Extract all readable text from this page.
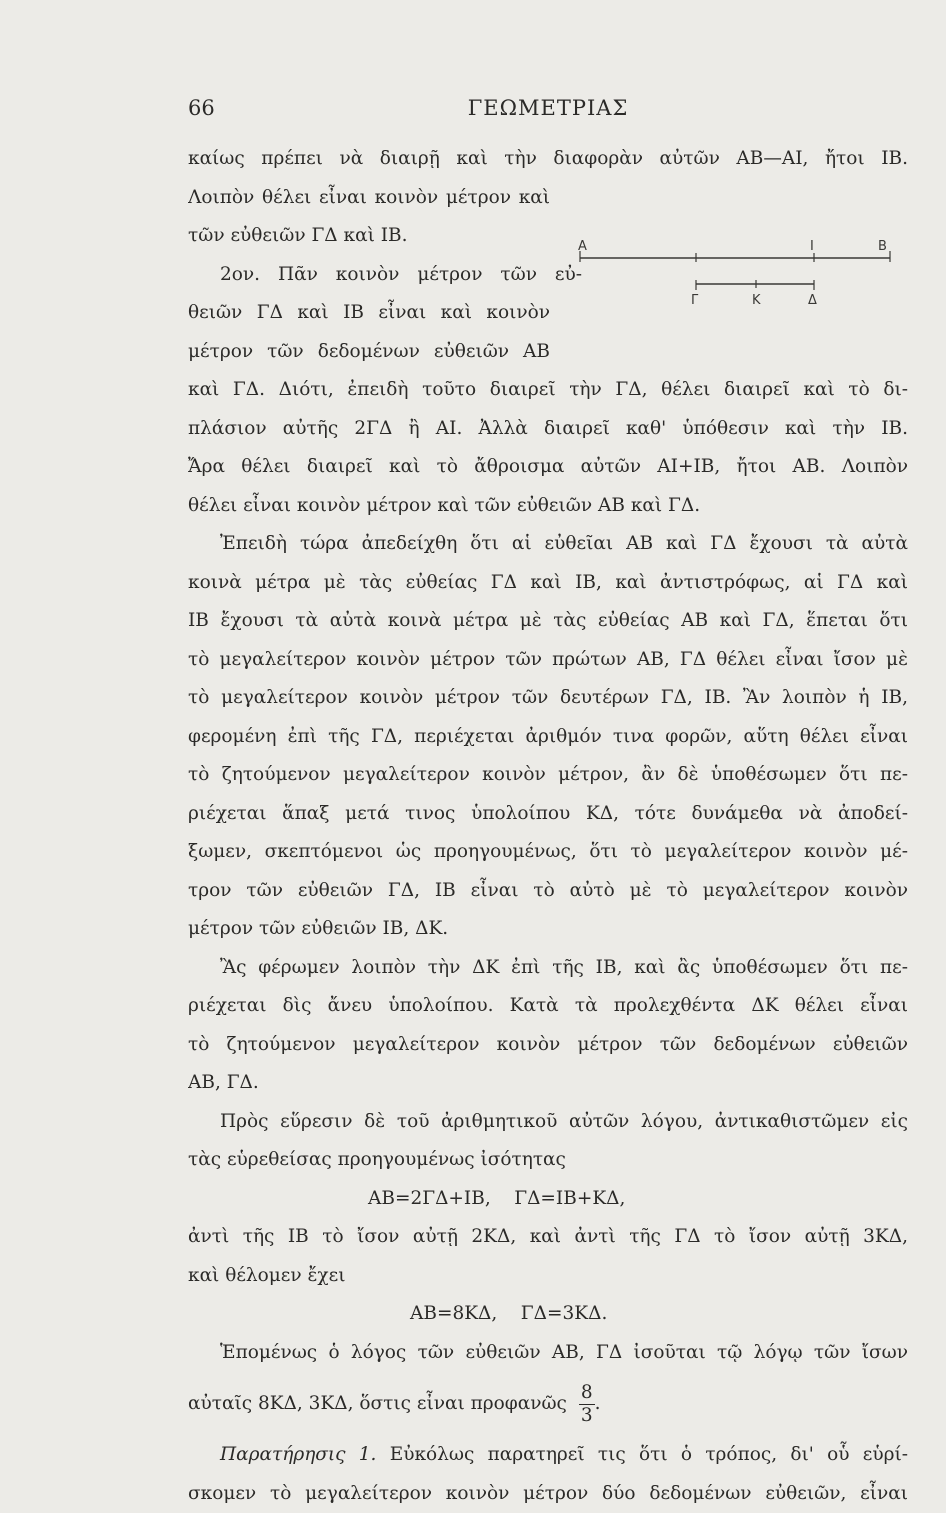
66	ΓΕΩΜΕΤΡΙΑΣ
Α	Ι	Β
Γ	Κ	Δ
καίως πρέπει νὰ διαιρῇ καὶ τὴν διαφορὰν αὐτῶν ΑΒ—ΑΙ, ἤτοι ΙΒ.
Λοιπὸν θέλει εἶναι κοινὸν μέτρον καὶ
τῶν εὐθειῶν ΓΔ καὶ ΙΒ.
2ον. Πᾶν κοινὸν μέτρον τῶν εὐ-
θειῶν ΓΔ καὶ ΙΒ εἶναι καὶ κοινὸν
μέτρον τῶν δεδομένων εὐθειῶν ΑΒ
καὶ ΓΔ. Διότι, ἐπειδὴ τοῦτο διαιρεῖ τὴν ΓΔ, θέλει διαιρεῖ καὶ τὸ δι-
πλάσιον αὐτῆς 2ΓΔ ἢ ΑΙ. Ἀλλὰ διαιρεῖ καθ' ὑπόθεσιν καὶ τὴν ΙΒ.
Ἄρα θέλει διαιρεῖ καὶ τὸ ἄθροισμα αὐτῶν ΑΙ+ΙΒ, ἤτοι ΑΒ. Λοιπὸν
θέλει εἶναι κοινὸν μέτρον καὶ τῶν εὐθειῶν ΑΒ καὶ ΓΔ.
Ἐπειδὴ τώρα ἀπεδείχθη ὅτι αἱ εὐθεῖαι ΑΒ καὶ ΓΔ ἔχουσι τὰ αὐτὰ
κοινὰ μέτρα μὲ τὰς εὐθείας ΓΔ καὶ ΙΒ, καὶ ἀντιστρόφως, αἱ ΓΔ καὶ
ΙΒ ἔχουσι τὰ αὐτὰ κοινὰ μέτρα μὲ τὰς εὐθείας ΑΒ καὶ ΓΔ, ἕπεται ὅτι
τὸ μεγαλείτερον κοινὸν μέτρον τῶν πρώτων ΑΒ, ΓΔ θέλει εἶναι ἴσον μὲ
τὸ μεγαλείτερον κοινὸν μέτρον τῶν δευτέρων ΓΔ, ΙΒ. Ἂν λοιπὸν ἡ ΙΒ,
φερομένη ἐπὶ τῆς ΓΔ, περιέχεται ἀριθμόν τινα φορῶν, αὕτη θέλει εἶναι
τὸ ζητούμενον μεγαλείτερον κοινὸν μέτρον, ἂν δὲ ὑποθέσωμεν ὅτι πε-
ριέχεται ἅπαξ μετά τινος ὑπολοίπου ΚΔ, τότε δυνάμεθα νὰ ἀποδεί-
ξωμεν, σκεπτόμενοι ὡς προηγουμένως, ὅτι τὸ μεγαλείτερον κοινὸν μέ-
τρον τῶν εὐθειῶν ΓΔ, ΙΒ εἶναι τὸ αὐτὸ μὲ τὸ μεγαλείτερον κοινὸν
μέτρον τῶν εὐθειῶν ΙΒ, ΔΚ.
Ἂς φέρωμεν λοιπὸν τὴν ΔΚ ἐπὶ τῆς ΙΒ, καὶ ἂς ὑποθέσωμεν ὅτι πε-
ριέχεται δὶς ἄνευ ὑπολοίπου. Κατὰ τὰ προλεχθέντα ΔΚ θέλει εἶναι
τὸ ζητούμενον μεγαλείτερον κοινὸν μέτρον τῶν δεδομένων εὐθειῶν
ΑΒ, ΓΔ.
Πρὸς εὕρεσιν δὲ τοῦ ἀριθμητικοῦ αὐτῶν λόγου, ἀντικαθιστῶμεν εἰς
τὰς εὑρεθείσας προηγουμένως ἰσότητας
ΑΒ=2ΓΔ+ΙΒ,    ΓΔ=ΙΒ+ΚΔ,
ἀντὶ τῆς ΙΒ τὸ ἴσον αὐτῇ 2ΚΔ, καὶ ἀντὶ τῆς ΓΔ τὸ ἴσον αὐτῇ 3ΚΔ,
καὶ θέλομεν ἔχει
ΑΒ=8ΚΔ,    ΓΔ=3ΚΔ.
Ἑπομένως ὁ λόγος τῶν εὐθειῶν ΑΒ, ΓΔ ἰσοῦται τῷ λόγῳ τῶν ἴσων
αὐταῖς 8ΚΔ, 3ΚΔ, ὅστις εἶναι προφανῶς $\frac{8}{3}$ .
Παρατήρησις 1. Εὐκόλως παρατηρεῖ τις ὅτι ὁ τρόπος, δι' οὗ εὑρί-
σκομεν τὸ μεγαλείτερον κοινὸν μέτρον δύο δεδομένων εὐθειῶν, εἶναι
